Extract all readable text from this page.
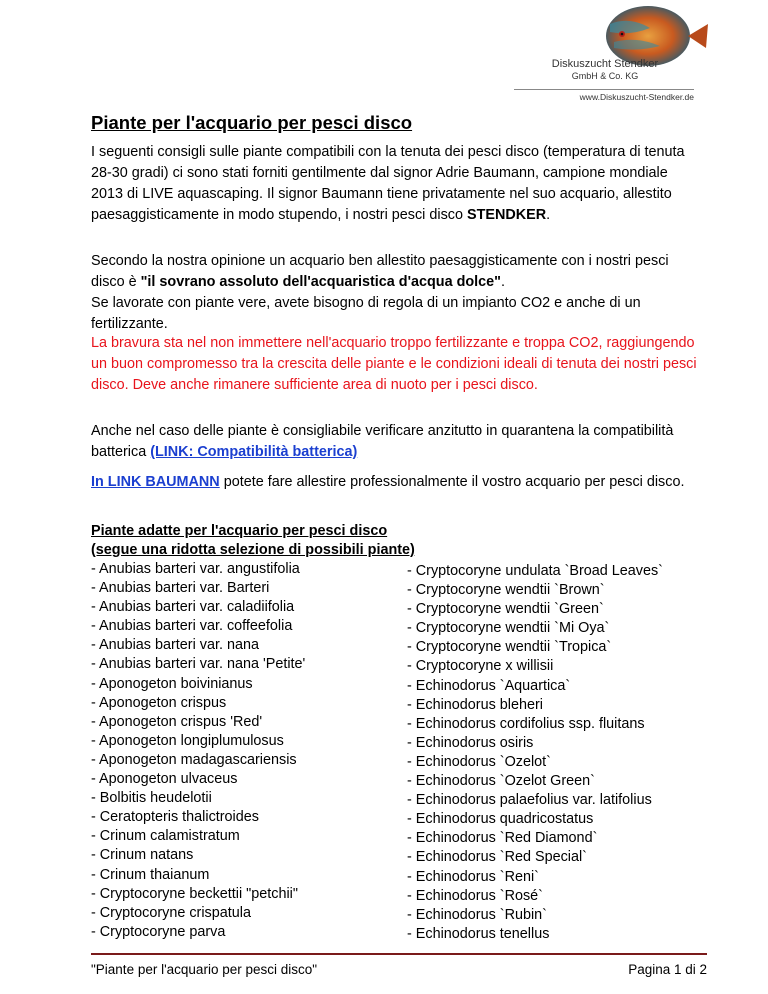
Diskuszucht Stendker
GmbH & Co. KG
www.Diskuszucht-Stendker.de
Piante per l'acquario per pesci disco

I seguenti consigli sulle piante compatibili con la tenuta dei pesci disco (temperatura di tenuta 28-30 gradi) ci sono stati forniti gentilmente dal signor Adrie Baumann, campione mondiale 2013 di LIVE aquascaping. Il signor Baumann tiene privatamente nel suo acquario, allestito paesaggisticamente in modo stupendo, i nostri pesci disco STENDKER.

Secondo la nostra opinione un acquario ben allestito paesaggisticamente con i nostri pesci disco è "il sovrano assoluto dell'acquaristica d'acqua dolce".
Se lavorate con piante vere, avete bisogno di regola di un impianto CO2 e anche di un fertilizzante.

La bravura sta nel non immettere nell'acquario troppo fertilizzante e troppa CO2, raggiungendo un buon compromesso tra la crescita delle piante e le condizioni ideali di tenuta dei nostri pesci disco. Deve anche rimanere sufficiente area di nuoto per i pesci disco.

Anche nel caso delle piante è consigliabile verificare anzitutto in quarantena la compatibilità batterica (LINK: Compatibilità batterica)

In LINK BAUMANN potete fare allestire professionalmente il vostro acquario per pesci disco.

Piante adatte per l'acquario per pesci disco
(segue una ridotta selezione di possibili piante)
- Anubias barteri var. angustifolia
- Anubias barteri var. Barteri
- Anubias barteri var. caladiifolia
- Anubias barteri var. coffeefolia
- Anubias barteri var. nana
- Anubias barteri var. nana 'Petite'
- Aponogeton boivinianus
- Aponogeton crispus
- Aponogeton crispus 'Red'
- Aponogeton longiplumulosus
- Aponogeton madagascariensis
- Aponogeton ulvaceus
- Bolbitis heudelotii
- Ceratopteris thalictroides
- Crinum calamistratum
- Crinum natans
- Crinum thaianum
- Cryptocoryne beckettii "petchii"
- Cryptocoryne crispatula
- Cryptocoryne parva
- Cryptocoryne undulata `Broad Leaves`
- Cryptocoryne wendtii `Brown`
- Cryptocoryne wendtii `Green`
- Cryptocoryne wendtii `Mi Oya`
- Cryptocoryne wendtii `Tropica`
- Cryptocoryne x willisii
- Echinodorus `Aquartica`
- Echinodorus bleheri
- Echinodorus cordifolius ssp. fluitans
- Echinodorus osiris
- Echinodorus `Ozelot`
- Echinodorus `Ozelot Green`
- Echinodorus palaefolius var. latifolius
- Echinodorus quadricostatus
- Echinodorus `Red Diamond`
- Echinodorus `Red Special`
- Echinodorus `Reni`
- Echinodorus `Rosé`
- Echinodorus `Rubin`
- Echinodorus tenellus
"Piante per l'acquario per pesci disco"	Pagina 1 di 2
